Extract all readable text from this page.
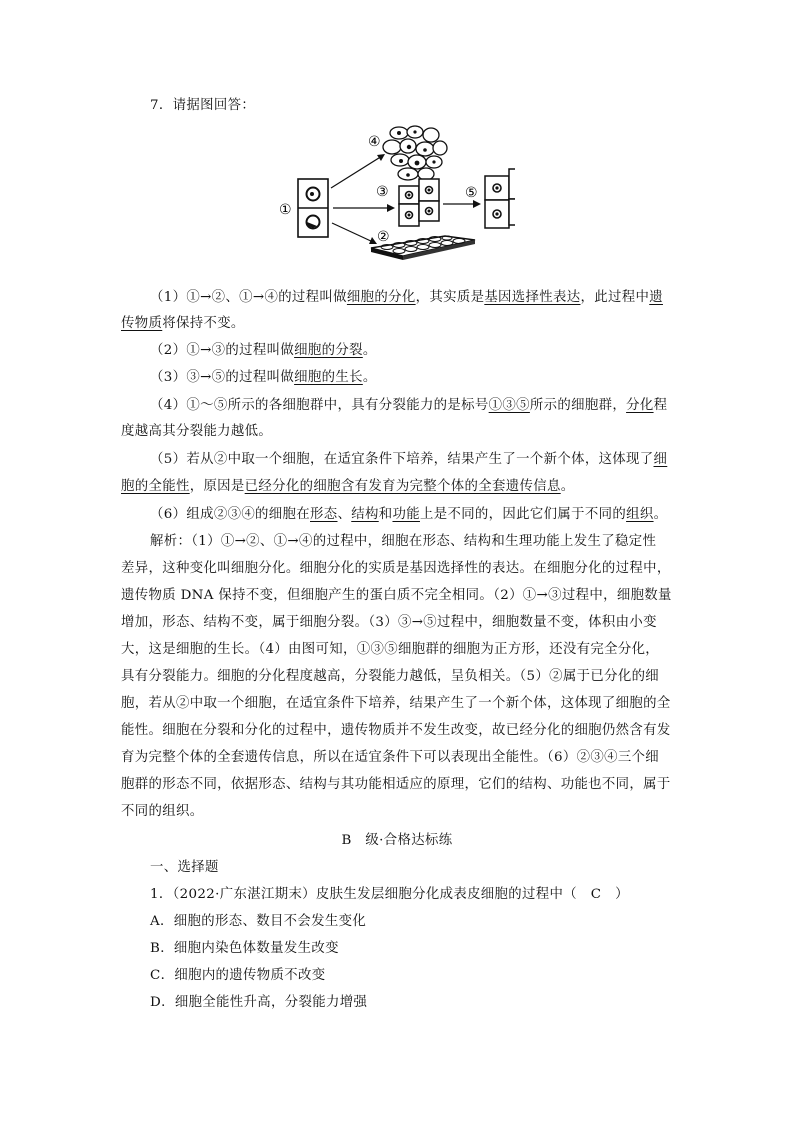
7．请据图回答：
①
④
③	⑤
②
（1）①→②、①→④的过程叫做细胞的分化，其实质是基因选择性表达，此过程中遗
传物质将保持不变。
（2）①→③的过程叫做细胞的分裂。
（3）③→⑤的过程叫做细胞的生长。
（4）①～⑤所示的各细胞群中，具有分裂能力的是标号①③⑤所示的细胞群，分化程
度越高其分裂能力越低。
（5）若从②中取一个细胞，在适宜条件下培养，结果产生了一个新个体，这体现了细
胞的全能性，原因是已经分化的细胞含有发育为完整个体的全套遗传信息。
（6）组成②③④的细胞在形态、结构和功能上是不同的，因此它们属于不同的组织。
解析：（1）①→②、①→④的过程中，细胞在形态、结构和生理功能上发生了稳定性
差异，这种变化叫细胞分化。细胞分化的实质是基因选择性的表达。在细胞分化的过程中，
遗传物质 DNA 保持不变，但细胞产生的蛋白质不完全相同。（2）①→③过程中，细胞数量
增加，形态、结构不变，属于细胞分裂。（3）③→⑤过程中，细胞数量不变，体积由小变
大，这是细胞的生长。（4）由图可知，①③⑤细胞群的细胞为正方形，还没有完全分化，
具有分裂能力。细胞的分化程度越高，分裂能力越低，呈负相关。（5）②属于已分化的细
胞，若从②中取一个细胞，在适宜条件下培养，结果产生了一个新个体，这体现了细胞的全
能性。细胞在分裂和分化的过程中，遗传物质并不发生改变，故已经分化的细胞仍然含有发
育为完整个体的全套遗传信息，所以在适宜条件下可以表现出全能性。（6）②③④三个细
胞群的形态不同，依据形态、结构与其功能相适应的原理，它们的结构、功能也不同，属于
不同的组织。
B　级·合格达标练
一、选择题
1．（2022·广东湛江期末）皮肤生发层细胞分化成表皮细胞的过程中（　C　）
A．细胞的形态、数目不会发生变化
B．细胞内染色体数量发生改变
C．细胞内的遗传物质不改变
D．细胞全能性升高，分裂能力增强
